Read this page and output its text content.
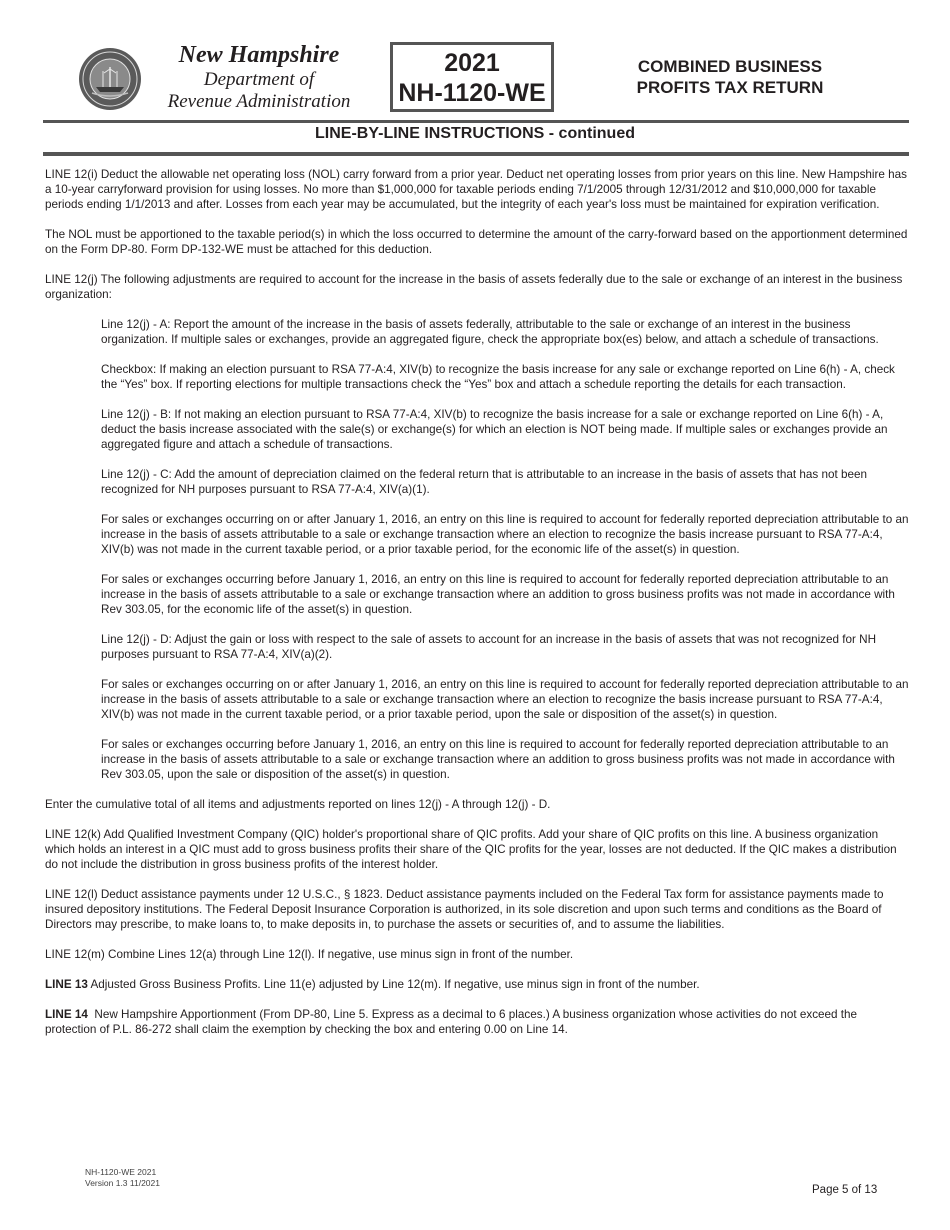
New Hampshire
Department of
Revenue Administration
2021
NH-1120-WE
COMBINED BUSINESS
PROFITS TAX RETURN
LINE-BY-LINE INSTRUCTIONS - continued

LINE 12(i) Deduct the allowable net operating loss (NOL) carry forward from a prior year. Deduct net operating losses from prior years on this line. New Hampshire has a 10-year carryforward provision for using losses. No more than $1,000,000 for taxable periods ending 7/1/2005 through 12/31/2012 and $10,000,000 for taxable periods ending 1/1/2013 and after. Losses from each year may be accumulated, but the integrity of each year's loss must be maintained for expiration verification.

The NOL must be apportioned to the taxable period(s) in which the loss occurred to determine the amount of the carry-forward based on the apportionment determined on the Form DP-80. Form DP-132-WE must be attached for this deduction.

LINE 12(j) The following adjustments are required to account for the increase in the basis of assets federally due to the sale or exchange of an interest in the business organization:

Line 12(j) - A: Report the amount of the increase in the basis of assets federally, attributable to the sale or exchange of an interest in the business organization. If multiple sales or exchanges, provide an aggregated figure, check the appropriate box(es) below, and attach a schedule of transactions.

Checkbox: If making an election pursuant to RSA 77-A:4, XIV(b) to recognize the basis increase for any sale or exchange reported on Line 6(h) - A, check the “Yes” box. If reporting elections for multiple transactions check the “Yes” box and attach a schedule reporting the details for each transaction.

Line 12(j) - B: If not making an election pursuant to RSA 77-A:4, XIV(b) to recognize the basis increase for a sale or exchange reported on Line 6(h) - A, deduct the basis increase associated with the sale(s) or exchange(s) for which an election is NOT being made. If multiple sales or exchanges provide an aggregated figure and attach a schedule of transactions.

Line 12(j) - C: Add the amount of depreciation claimed on the federal return that is attributable to an increase in the basis of assets that has not been recognized for NH purposes pursuant to RSA 77-A:4, XIV(a)(1).

For sales or exchanges occurring on or after January 1, 2016, an entry on this line is required to account for federally reported depreciation attributable to an increase in the basis of assets attributable to a sale or exchange transaction where an election to recognize the basis increase pursuant to RSA 77-A:4, XIV(b) was not made in the current taxable period, or a prior taxable period, for the economic life of the asset(s) in question.

For sales or exchanges occurring before January 1, 2016, an entry on this line is required to account for federally reported depreciation attributable to an increase in the basis of assets attributable to a sale or exchange transaction where an addition to gross business profits was not made in accordance with Rev 303.05, for the economic life of the asset(s) in question.

Line 12(j) - D: Adjust the gain or loss with respect to the sale of assets to account for an increase in the basis of assets that was not recognized for NH purposes pursuant to RSA 77-A:4, XIV(a)(2).

For sales or exchanges occurring on or after January 1, 2016, an entry on this line is required to account for federally reported depreciation attributable to an increase in the basis of assets attributable to a sale or exchange transaction where an election to recognize the basis increase pursuant to RSA 77-A:4, XIV(b) was not made in the current taxable period, or a prior taxable period, upon the sale or disposition of the asset(s) in question.

For sales or exchanges occurring before January 1, 2016, an entry on this line is required to account for federally reported depreciation attributable to an increase in the basis of assets attributable to a sale or exchange transaction where an addition to gross business profits was not made in accordance with Rev 303.05, upon the sale or disposition of the asset(s) in question.

Enter the cumulative total of all items and adjustments reported on lines 12(j) - A through 12(j) - D.

LINE 12(k) Add Qualified Investment Company (QIC) holder's proportional share of QIC profits. Add your share of QIC profits on this line. A business organization which holds an interest in a QIC must add to gross business profits their share of the QIC profits for the year, losses are not deducted. If the QIC makes a distribution do not include the distribution in gross business profits of the interest holder.

LINE 12(l) Deduct assistance payments under 12 U.S.C., § 1823. Deduct assistance payments included on the Federal Tax form for assistance payments made to insured depository institutions. The Federal Deposit Insurance Corporation is authorized, in its sole discretion and upon such terms and conditions as the Board of Directors may prescribe, to make loans to, to make deposits in, to purchase the assets or securities of, and to assume the liabilities.

LINE 12(m) Combine Lines 12(a) through Line 12(l). If negative, use minus sign in front of the number.

LINE 13 Adjusted Gross Business Profits. Line 11(e) adjusted by Line 12(m). If negative, use minus sign in front of the number.

LINE 14 New Hampshire Apportionment (From DP-80, Line 5. Express as a decimal to 6 places.) A business organization whose activities do not exceed the protection of P.L. 86-272 shall claim the exemption by checking the box and entering 0.00 on Line 14.

NH-1120-WE 2021
Version 1.3 11/2021
Page 5 of 13
